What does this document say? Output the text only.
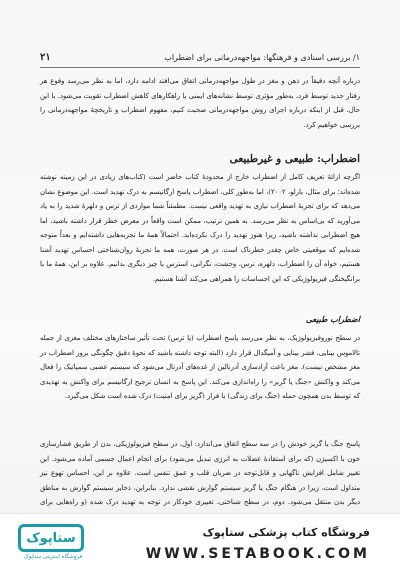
۱/ بررسی اسنادی و فرهنگها: مواجهه‌درمانی برای اضطراب
۲۱

درباره آنچه دقیقاً در ذهن و مغز در طول مواجهه‌درمانی اتفاق می‌افتد ادامه دارد، اما به نظر می‌رسد وقوع هر رفتار جدید توسط فرد، به‌طور مؤثری توسط نشانه‌های ایمنی یا راهکارهای کاهش اضطراب تقویت می‌شود. با این حال، قبل از اینکه درباره اجرای روش مواجهه‌درمانی صحبت کنیم، مفهوم اضطراب و تاریخچهٔ مواجهه‌درمانی را بررسی خواهیم کرد.

اضطراب: طبیعی و غیرطبیعی

اگرچه ارائهٔ تعریف کامل از اضطراب خارج از محدودهٔ کتاب حاضر است (کتاب‌های زیادی در این زمینه نوشته شده‌اند؛ برای مثال، بارلو، ۲۰۰۲)، اما به‌طور کلی، اضطراب پاسخ ارگانیسم به درک تهدید است. این موضوع نشان می‌دهد که برای تجربهٔ اضطراب نیازی به تهدید واقعی نیست. مطمئناً شما مواردی از ترس و دلهرهٔ شدید را به یاد می‌آورید که بی‌اساس به نظر می‌رسد. به همین ترتیب، ممکن است واقعاً در معرض خطر قرار داشته باشید، اما هیچ اضطرابی نداشته باشید، زیرا هنوز تهدید را درک نکرده‌اید. احتمالاً همهٔ ما تجربه‌هایی داشته‌ایم و بعداً متوجه شده‌ایم که موقعیتی خاص چقدر خطرناک است. در هر صورت، همه ما تجربهٔ روان‌شناختی احساس تهدید آشنا هستیم، خواه آن را اضطراب، دلهره، ترس، وحشت، نگرانی، استرس یا چیز دیگری بدانیم. علاوه بر این، همهٔ ما با برانگیختگی فیزیولوژیکی که این احساسات را همراهی می‌کند آشنا هستیم.

اضطراب طبیعی

در سطح نوروفیزیولوژیک، به نظر می‌رسد پاسخ اضطراب (یا ترس) تحت تأثیر ساختارهای مختلف مغزی از جمله تالاموس بینایی، قشر بینایی و آمیگدال قرار دارد (البته توجه داشته باشید که نحوهٔ دقیق چگونگی بروز اضطراب در مغز مشخص نیست). مغز باعث آزادسازی آدرنالین از غده‌های آدرنال می‌شود که سیستم عصبی سمپاتیک را فعال می‌کند و واکنش «جنگ یا گریز» را راه‌اندازی می‌کند. این پاسخ به انسان ترجیح ارگانیسم برای واکنش به تهدیدی که توسط بدن همچون حمله (جنگ برای زندگی) یا فرار (گریز برای امنیت) درک شده است شکل می‌گیرد.

پاسخ جنگ یا گریز خودش را در سه سطح اتفاق می‌اندازد: اول، در سطح فیزیولوژیکی، بدن از طریق فشارسازی خون با اکسیژن (که برای استفادهٔ عضلات به انرژی تبدیل می‌شود) برای انجام اعمال جسمی آماده می‌شود. این تغییر شامل افزایش ناگهانی و قابل‌توجه در ضربان قلب و عمق تنفس است. علاوه بر این، احساس تهوع نیز متداول است، زیرا در هنگام جنگ یا گریز سیستم گوارش نقشی ندارد. بنابراین، ذخایر سیستم گوارش به مناطق دیگر بدن منتقل می‌شود. دوم، در سطح شناختی، تغییری خودکار در توجه به تهدید درک شده (و راه‌هایی برای

ستاپوک
فروشگاه اینترنتی ستاپوک
فروشگاه کتاب پزشکی ستاپوک
WWW.SETABOOK.COM
